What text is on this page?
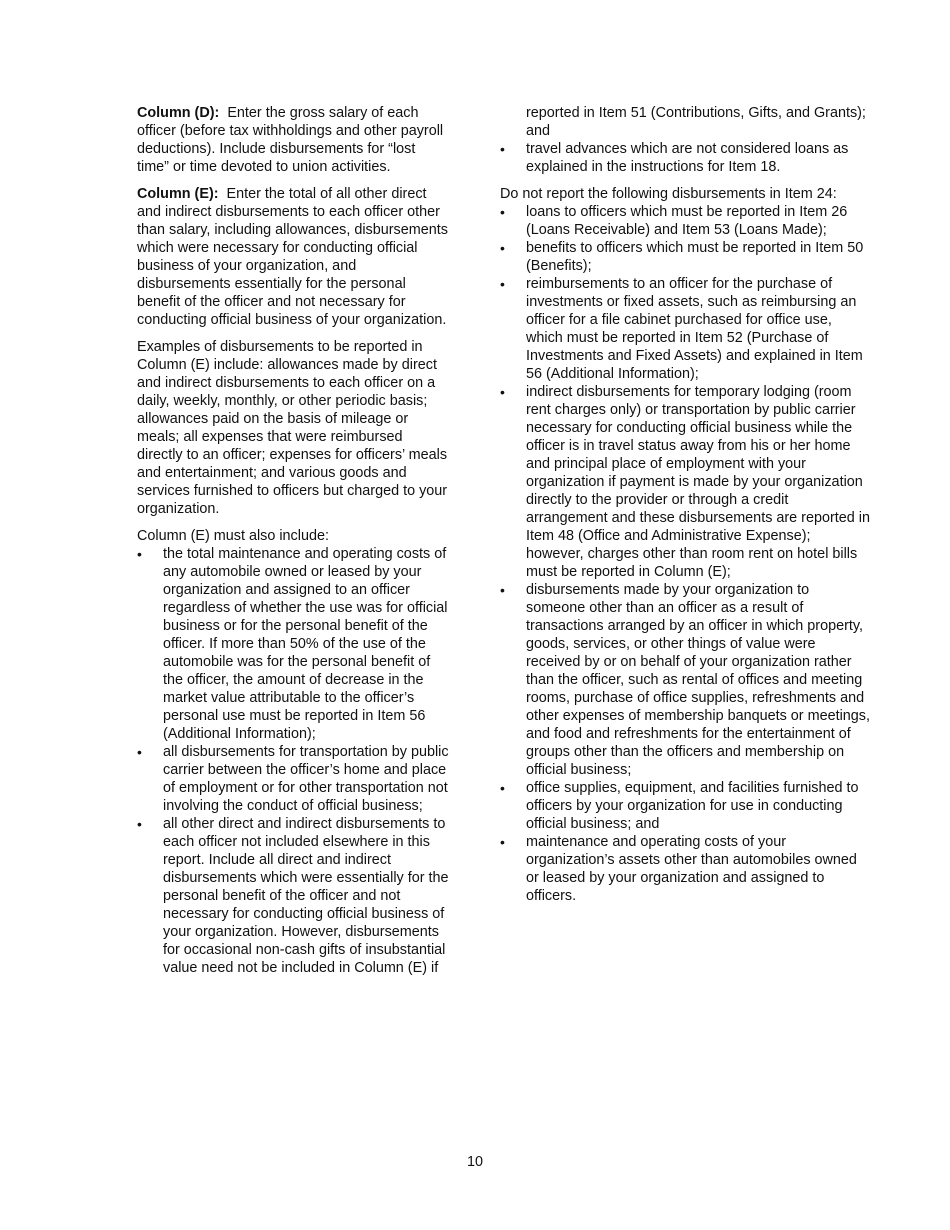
Column (D): Enter the gross salary of each officer (before tax withholdings and other payroll deductions). Include disbursements for “lost time” or time devoted to union activities.

Column (E): Enter the total of all other direct and indirect disbursements to each officer other than salary, including allowances, disbursements which were necessary for conducting official business of your organization, and disbursements essentially for the personal benefit of the officer and not necessary for conducting official business of your organization.

Examples of disbursements to be reported in Column (E) include: allowances made by direct and indirect disbursements to each officer on a daily, weekly, monthly, or other periodic basis; allowances paid on the basis of mileage or meals; all expenses that were reimbursed directly to an officer; expenses for officers’ meals and entertainment; and various goods and services furnished to officers but charged to your organization.

Column (E) must also include:
• the total maintenance and operating costs of any automobile owned or leased by your organization and assigned to an officer regardless of whether the use was for official business or for the personal benefit of the officer. If more than 50% of the use of the automobile was for the personal benefit of the officer, the amount of decrease in the market value attributable to the officer’s personal use must be reported in Item 56 (Additional Information);
• all disbursements for transportation by public carrier between the officer’s home and place of employment or for other transportation not involving the conduct of official business;
• all other direct and indirect disbursements to each officer not included elsewhere in this report. Include all direct and indirect disbursements which were essentially for the personal benefit of the officer and not necessary for conducting official business of your organization. However, disbursements for occasional non-cash gifts of insubstantial value need not be included in Column (E) if
reported in Item 51 (Contributions, Gifts, and Grants); and
• travel advances which are not considered loans as explained in the instructions for Item 18.
Do not report the following disbursements in Item 24:
• loans to officers which must be reported in Item 26 (Loans Receivable) and Item 53 (Loans Made);
• benefits to officers which must be reported in Item 50 (Benefits);
• reimbursements to an officer for the purchase of investments or fixed assets, such as reimbursing an officer for a file cabinet purchased for office use, which must be reported in Item 52 (Purchase of Investments and Fixed Assets) and explained in Item 56 (Additional Information);
• indirect disbursements for temporary lodging (room rent charges only) or transportation by public carrier necessary for conducting official business while the officer is in travel status away from his or her home and principal place of employment with your organization if payment is made by your organization directly to the provider or through a credit arrangement and these disbursements are reported in Item 48 (Office and Administrative Expense); however, charges other than room rent on hotel bills must be reported in Column (E);
• disbursements made by your organization to someone other than an officer as a result of transactions arranged by an officer in which property, goods, services, or other things of value were received by or on behalf of your organization rather than the officer, such as rental of offices and meeting rooms, purchase of office supplies, refreshments and other expenses of membership banquets or meetings, and food and refreshments for the entertainment of groups other than the officers and membership on official business;
• office supplies, equipment, and facilities furnished to officers by your organization for use in conducting official business; and
• maintenance and operating costs of your organization’s assets other than automobiles owned or leased by your organization and assigned to officers.
10
